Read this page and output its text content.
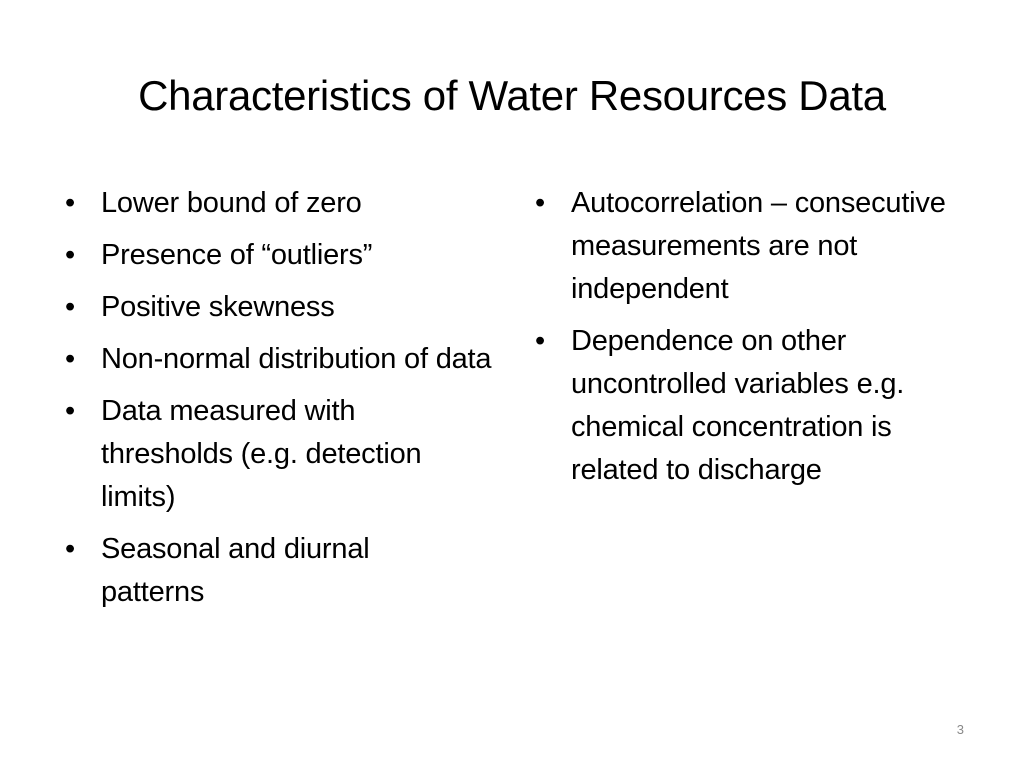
Characteristics of Water Resources Data
• Lower bound of zero
• Presence of “outliers”
• Positive skewness
• Non-normal distribution of data
• Data measured with thresholds (e.g. detection limits)
• Seasonal and diurnal patterns
• Autocorrelation – consecutive measurements are not independent
• Dependence on other uncontrolled variables e.g. chemical concentration is related to discharge
3
